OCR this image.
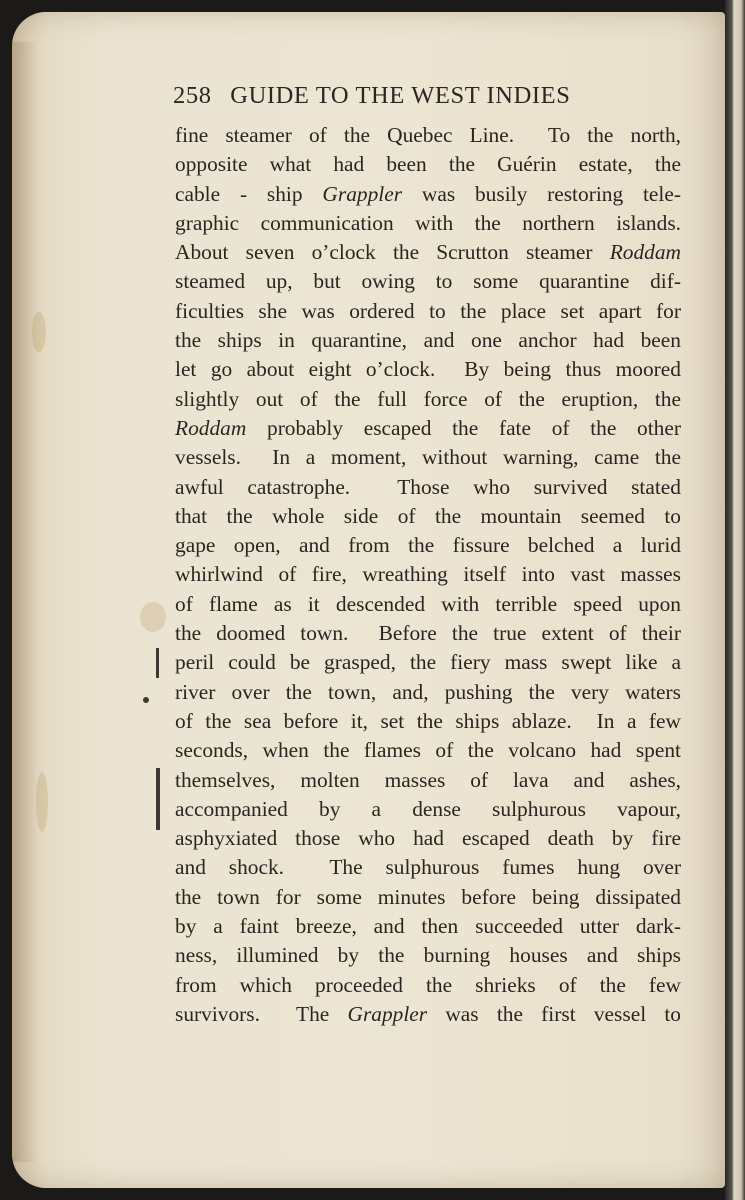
258 GUIDE TO THE WEST INDIES
fine steamer of the Quebec Line.  To the north,
opposite what had been the Guérin estate, the
cable - ship Grappler was busily restoring tele-
graphic communication with the northern islands.
About seven o’clock the Scrutton steamer Roddam
steamed up, but owing to some quarantine dif-
ficulties she was ordered to the place set apart for
the ships in quarantine, and one anchor had been
let go about eight o’clock.  By being thus moored
slightly out of the full force of the eruption, the
Roddam probably escaped the fate of the other
vessels.  In a moment, without warning, came the
awful catastrophe.  Those who survived stated
that the whole side of the mountain seemed to
gape open, and from the fissure belched a lurid
whirlwind of fire, wreathing itself into vast masses
of flame as it descended with terrible speed upon
the doomed town.  Before the true extent of their
peril could be grasped, the fiery mass swept like a
river over the town, and, pushing the very waters
of the sea before it, set the ships ablaze.  In a few
seconds, when the flames of the volcano had spent
themselves, molten masses of lava and ashes,
accompanied by a dense sulphurous vapour,
asphyxiated those who had escaped death by fire
and shock.  The sulphurous fumes hung over
the town for some minutes before being dissipated
by a faint breeze, and then succeeded utter dark-
ness, illumined by the burning houses and ships
from which proceeded the shrieks of the few
survivors.  The Grappler was the first vessel to
